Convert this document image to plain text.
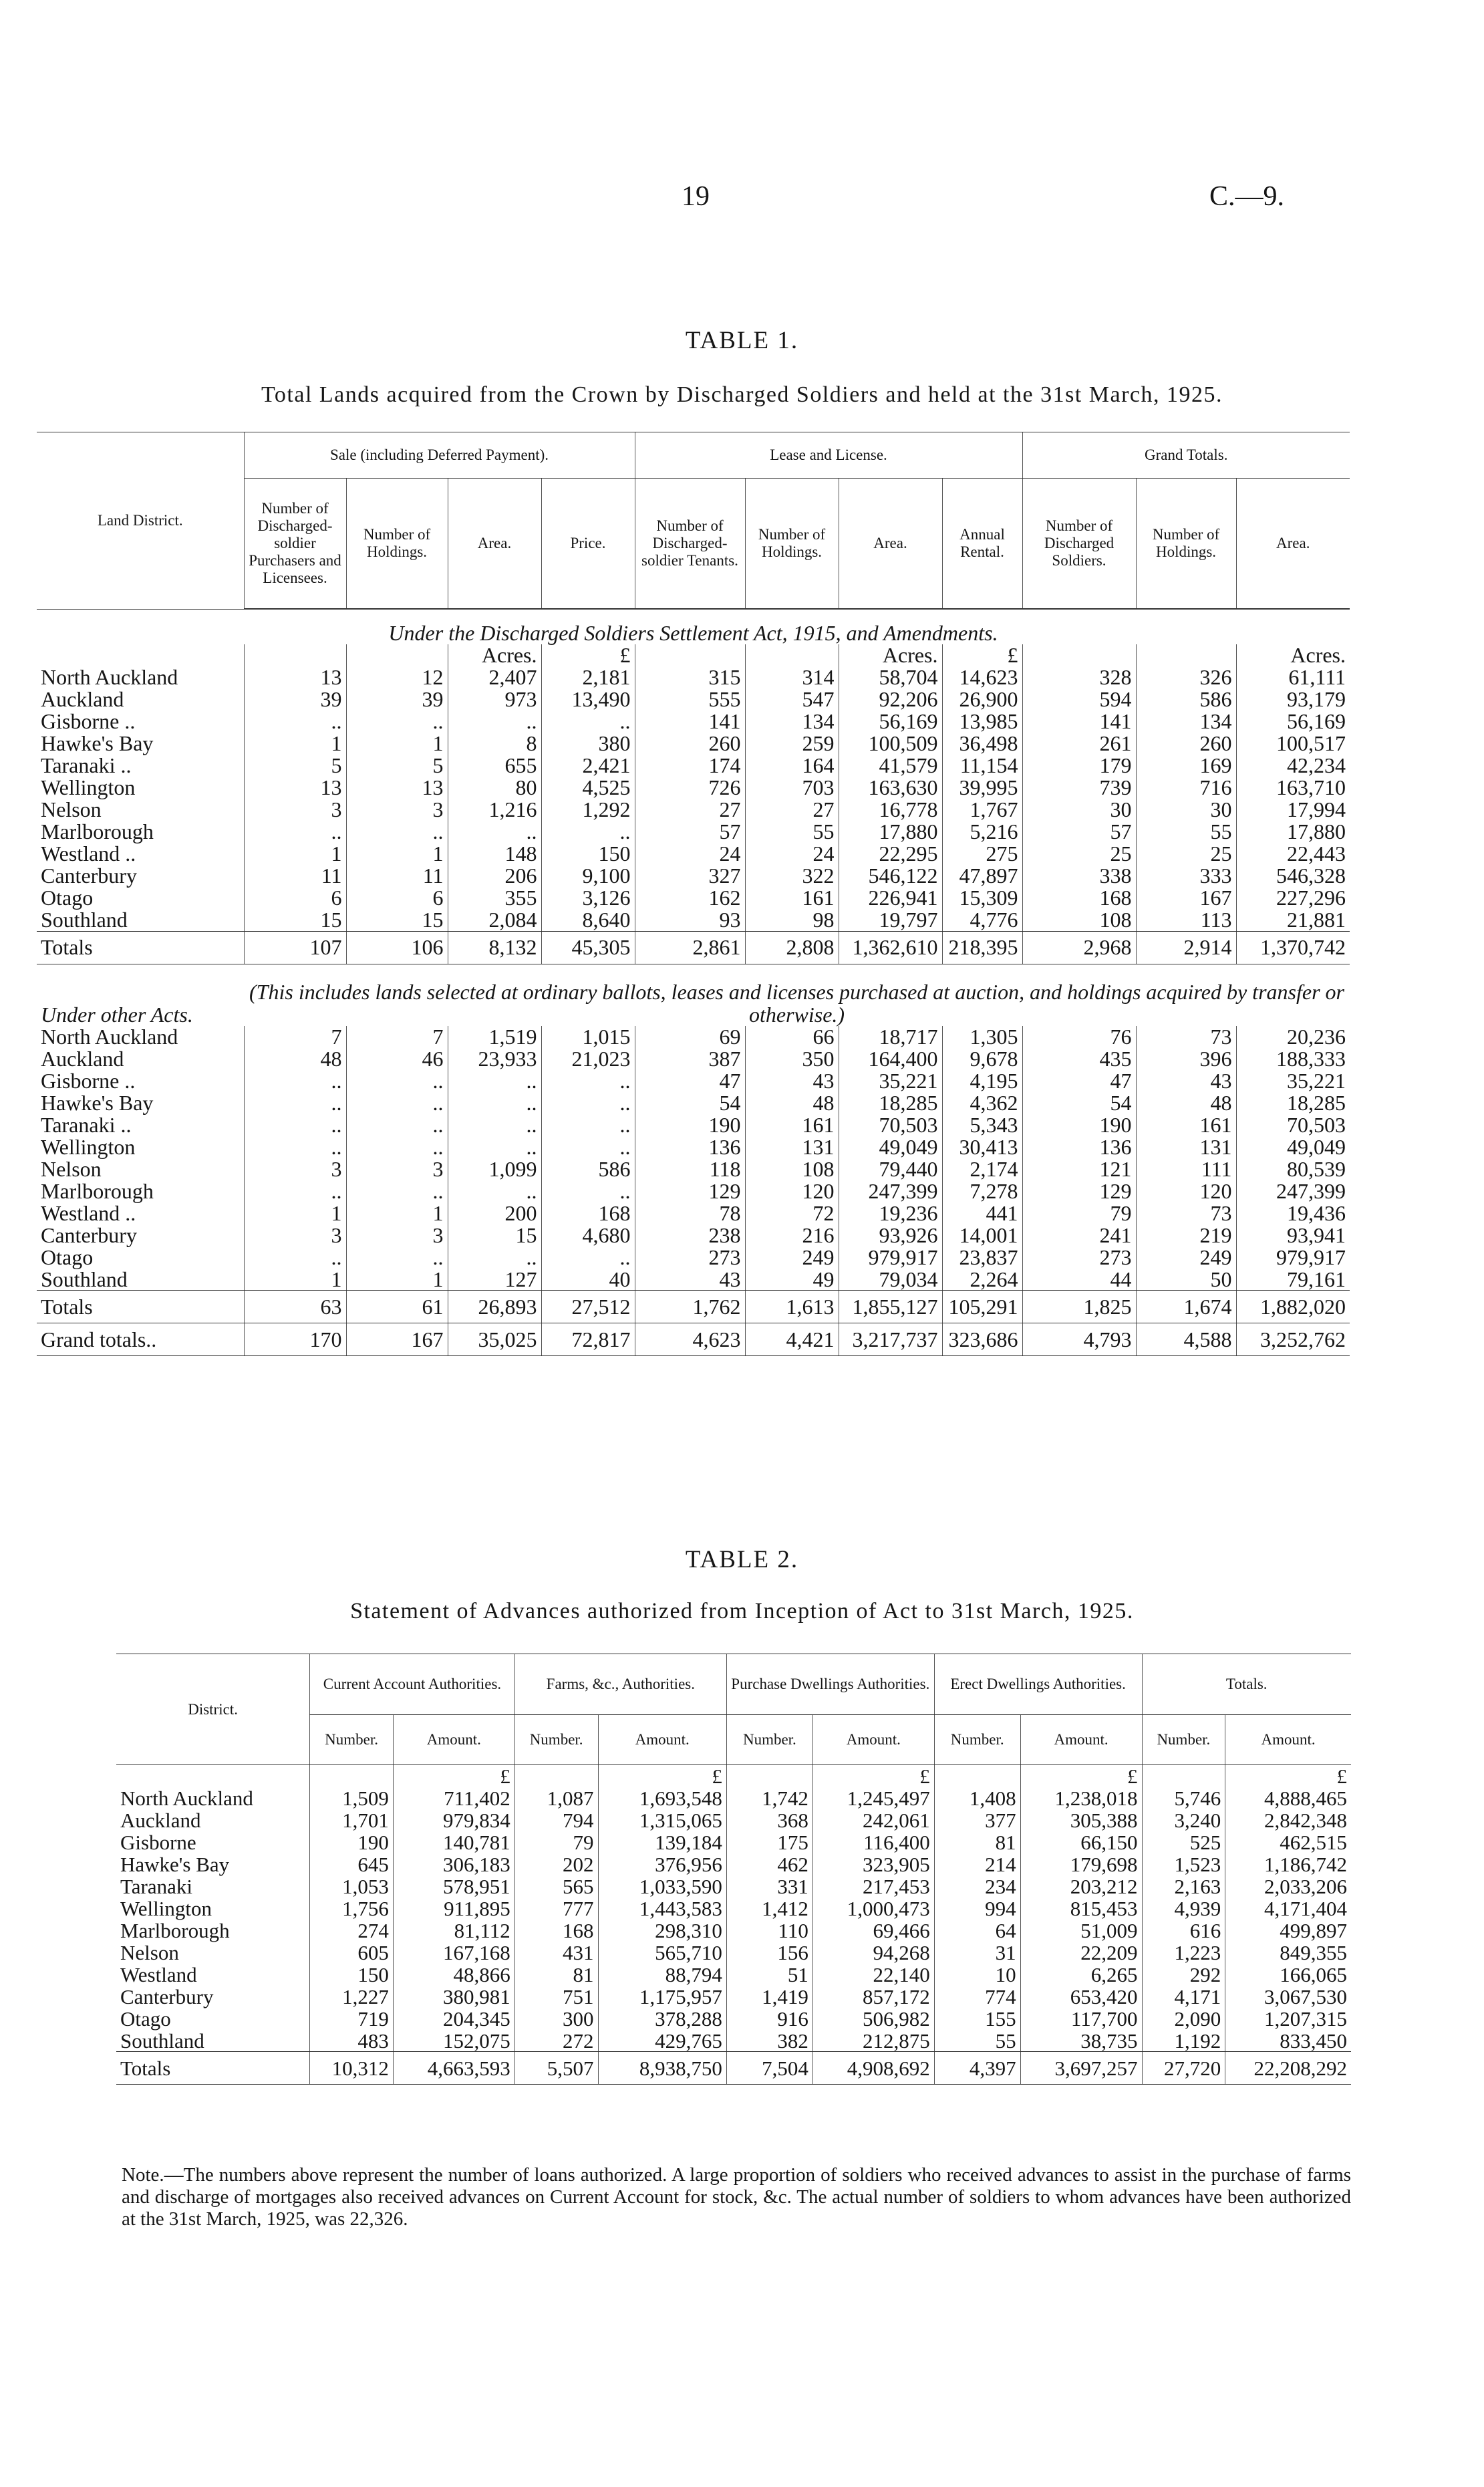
19	C.—9.
TABLE 1.
Total Lands acquired from the Crown by Discharged Soldiers and held at the 31st March, 1925.
Land District.	Sale (including Deferred Payment).				Lease and License.				Grand Totals.		
	Number of Discharged-soldier Purchasers and Licensees.	Number of Holdings.	Area.	Price.	Number of Discharged-soldier Tenants.	Number of Holdings.	Area.	Annual Rental.	Number of Discharged Soldiers.	Number of Holdings.	Area.
Under the Discharged Soldiers Settlement Act, 1915, and Amendments.											
			Acres.	£			Acres.	£			Acres.
North Auckland	13	12	2,407	2,181	315	314	58,704	14,623	328	326	61,111
Auckland	39	39	973	13,490	555	547	92,206	26,900	594	586	93,179
Gisborne ..	..	..	..	..	141	134	56,169	13,985	141	134	56,169
Hawke's Bay	1	1	8	380	260	259	100,509	36,498	261	260	100,517
Taranaki ..	5	5	655	2,421	174	164	41,579	11,154	179	169	42,234
Wellington	13	13	80	4,525	726	703	163,630	39,995	739	716	163,710
Nelson	3	3	1,216	1,292	27	27	16,778	1,767	30	30	17,994
Marlborough	..	..	..	..	57	55	17,880	5,216	57	55	17,880
Westland ..	1	1	148	150	24	24	22,295	275	25	25	22,443
Canterbury	11	11	206	9,100	327	322	546,122	47,897	338	333	546,328
Otago	6	6	355	3,126	162	161	226,941	15,309	168	167	227,296
Southland	15	15	2,084	8,640	93	98	19,797	4,776	108	113	21,881

Totals	107	106	8,132	45,305	2,861	2,808	1,362,610	218,395	2,968	2,914	1,370,742
Under other Acts.	(This includes lands selected at ordinary ballots, leases and licenses purchased at auction, and holdings acquired by transfer or otherwise.)										
North Auckland	7	7	1,519	1,015	69	66	18,717	1,305	76	73	20,236
Auckland	48	46	23,933	21,023	387	350	164,400	9,678	435	396	188,333
Gisborne ..	..	..	..	..	47	43	35,221	4,195	47	43	35,221
Hawke's Bay	..	..	..	..	54	48	18,285	4,362	54	48	18,285
Taranaki ..	..	..	..	..	190	161	70,503	5,343	190	161	70,503
Wellington	..	..	..	..	136	131	49,049	30,413	136	131	49,049
Nelson	3	3	1,099	586	118	108	79,440	2,174	121	111	80,539
Marlborough	..	..	..	..	129	120	247,399	7,278	129	120	247,399
Westland ..	1	1	200	168	78	72	19,236	441	79	73	19,436
Canterbury	3	3	15	4,680	238	216	93,926	14,001	241	219	93,941
Otago	..	..	..	..	273	249	979,917	23,837	273	249	979,917
Southland	1	1	127	40	43	49	79,034	2,264	44	50	79,161

Totals	63	61	26,893	27,512	1,762	1,613	1,855,127	105,291	1,825	1,674	1,882,020
Grand totals..	170	167	35,025	72,817	4,623	4,421	3,217,737	323,686	4,793	4,588	3,252,762
TABLE 2.
Statement of Advances authorized from Inception of Act to 31st March, 1925.
District.	Current Account Authorities.		Farms, &c., Authorities.		Purchase Dwellings Authorities.		Erect Dwellings Authorities.		Totals.	
	Number.	Amount.	Number.	Amount.	Number.	Amount.	Number.	Amount.	Number.	Amount.

		£		£		£		£		£
North Auckland	1,509	711,402	1,087	1,693,548	1,742	1,245,497	1,408	1,238,018	5,746	4,888,465
Auckland	1,701	979,834	794	1,315,065	368	242,061	377	305,388	3,240	2,842,348
Gisborne	190	140,781	79	139,184	175	116,400	81	66,150	525	462,515
Hawke's Bay	645	306,183	202	376,956	462	323,905	214	179,698	1,523	1,186,742
Taranaki	1,053	578,951	565	1,033,590	331	217,453	234	203,212	2,163	2,033,206
Wellington	1,756	911,895	777	1,443,583	1,412	1,000,473	994	815,453	4,939	4,171,404
Marlborough	274	81,112	168	298,310	110	69,466	64	51,009	616	499,897
Nelson	605	167,168	431	565,710	156	94,268	31	22,209	1,223	849,355
Westland	150	48,866	81	88,794	51	22,140	10	6,265	292	166,065
Canterbury	1,227	380,981	751	1,175,957	1,419	857,172	774	653,420	4,171	3,067,530
Otago	719	204,345	300	378,288	916	506,982	155	117,700	2,090	1,207,315
Southland	483	152,075	272	429,765	382	212,875	55	38,735	1,192	833,450

Totals	10,312	4,663,593	5,507	8,938,750	7,504	4,908,692	4,397	3,697,257	27,720	22,208,292
Note.—The numbers above represent the number of loans authorized. A large proportion of soldiers who received advances to assist in the purchase of farms and discharge of mortgages also received advances on Current Account for stock, &c. The actual number of soldiers to whom advances have been authorized at the 31st March, 1925, was 22,326.
